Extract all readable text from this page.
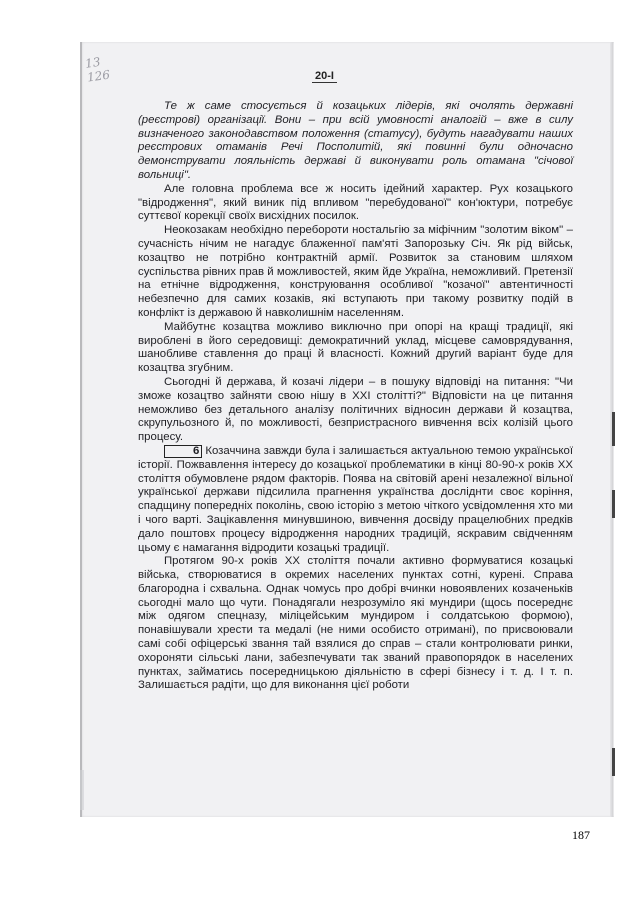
13
126	20-I

Те ж саме стосується й козацьких лідерів, які очолять державні (реєстрові) організації. Вони – при всій умовності аналогій – вже в силу визначеного законодавством положення (статусу), будуть нагадувати наших реєстрових отаманів Речі Посполитій, які повинні були одночасно демонструвати лояльність державі й виконувати роль отамана "січової вольниці".

Але головна проблема все ж носить ідейний характер. Рух козацького "відродження", який виник під впливом "перебудованої" кон'юктури, потребує суттєвої корекції своїх висхідних посилок.

Неокозакам необхідно перебороти ностальгію за міфічним "золотим віком" – сучасність нічим не нагадує блаженної пам'яті Запорозьку Січ. Як рід військ, козацтво не потрібно контрактній армії. Розвиток за становим шляхом суспільства рівних прав й можливостей, яким йде Україна, неможливий. Претензії на етнічне відродження, конструювання особливої "козачої" автентичності небезпечно для самих козаків, які вступають при такому розвитку подій в конфлікт із державою й навколишнім населенням.

Майбутнє козацтва можливо виключно при опорі на кращі традиції, які вироблені в його середовищі: демократичний уклад, місцеве самоврядування, шанобливе ставлення до праці й власності. Кожний другий варіант буде для козацтва згубним.

Сьогодні й держава, й козачі лідери – в пошуку відповіді на питання: "Чи зможе козацтво зайняти свою нішу в XXI столітті?" Відповісти на це питання неможливо без детального аналізу політичних відносин держави й козацтва, скрупульозного й, по можливості, безпристрасного вивчення всіх колізій цього процесу.

6 Козаччина завжди була і залишається актуальною темою української історії. Пожвавлення інтересу до козацької проблематики в кінці 80-90-х років XX століття обумовлене рядом факторів. Поява на світовій арені незалежної вільної української держави підсилила прагнення українства досліднти своє коріння, спадщину попередніх поколінь, свою історію з метою чіткого усвідомлення хто ми і чого варті. Зацікавлення минувшиною, вивчення досвіду працелюбних предків дало поштовх процесу відродження народних традицій, яскравим свідченням цьому є намагання відродити козацькі традиції.

Протягом 90-х років XX століття почали активно формуватися козацькі війська, створюватися в окремих населених пунктах сотні, курені. Справа благородна і схвальна. Однак чомусь про добрі вчинки новоявлених козаченьків сьогодні мало що чути. Понадягали незрозуміло які мундири (щось посереднє між одягом спецназу, міліцейським мундиром і солдатською формою), понавішували хрести та медалі (не ними особисто отримані), по присвоювали самі собі офіцерські звання тай взялися до справ – стали контролювати ринки, охороняти сільські лани, забезпечувати так званий правопорядок в населених пунктах, займатись посередницькою діяльністю в сфері бізнесу і т. д. І т. п. Залишається радіти, що для виконання цієї роботи

187
